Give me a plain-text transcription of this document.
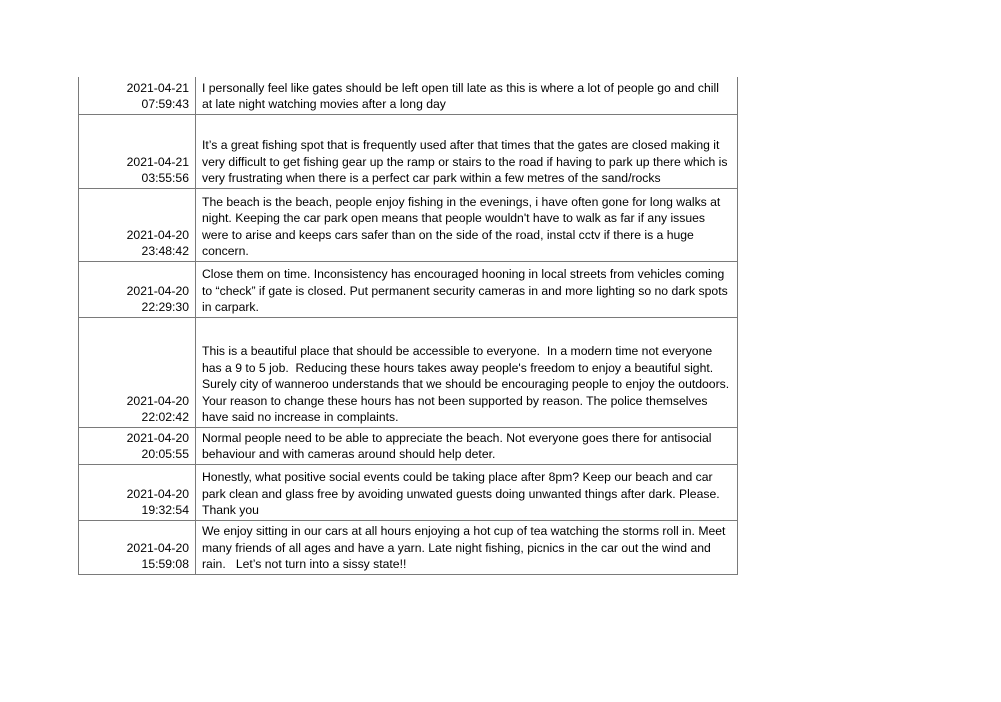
2021-04-21
07:59:43	I personally feel like gates should be left open till late as this is where a lot of people go and chill at late night watching movies after a long day

2021-04-21
03:55:56	It’s a great fishing spot that is frequently used after that times that the gates are closed making it very difficult to get fishing gear up the ramp or stairs to the road if having to park up there which is very frustrating when there is a perfect car park within a few metres of the sand/rocks

2021-04-20
23:48:42	The beach is the beach, people enjoy fishing in the evenings, i have often gone for long walks at night. Keeping the car park open means that people wouldn't have to walk as far if any issues were to arise and keeps cars safer than on the side of the road, instal cctv if there is a huge concern.

2021-04-20
22:29:30	Close them on time. Inconsistency has encouraged hooning in local streets from vehicles coming to “check” if gate is closed. Put permanent security cameras in and more lighting so no dark spots in carpark.

2021-04-20
22:02:42	This is a beautiful place that should be accessible to everyone.  In a modern time not everyone has a 9 to 5 job.  Reducing these hours takes away people's freedom to enjoy a beautiful sight. Surely city of wanneroo understands that we should be encouraging people to enjoy the outdoors. Your reason to change these hours has not been supported by reason. The police themselves have said no increase in complaints.

2021-04-20
20:05:55	Normal people need to be able to appreciate the beach. Not everyone goes there for antisocial behaviour and with cameras around should help deter.

2021-04-20
19:32:54	Honestly, what positive social events could be taking place after 8pm? Keep our beach and car park clean and glass free by avoiding unwated guests doing unwanted things after dark. Please. Thank you

2021-04-20
15:59:08	We enjoy sitting in our cars at all hours enjoying a hot cup of tea watching the storms roll in. Meet many friends of all ages and have a yarn. Late night fishing, picnics in the car out the wind and rain.   Let’s not turn into a sissy state!!
